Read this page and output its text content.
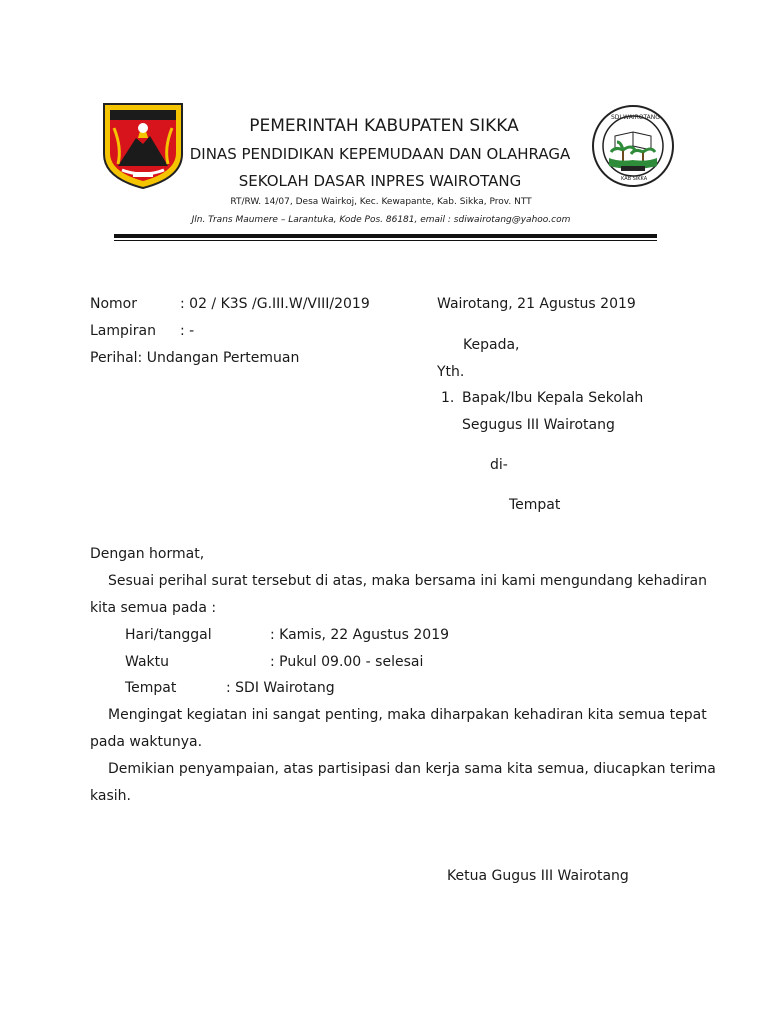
SDI WAIROTANG
KAB SIKKA
PEMERINTAH KABUPATEN SIKKA
DINAS PENDIDIKAN KEPEMUDAAN DAN OLAHRAGA
SEKOLAH DASAR INPRES WAIROTANG
RT/RW. 14/07, Desa Wairkoj, Kec. Kewapante, Kab. Sikka, Prov. NTT
Jln. Trans Maumere – Larantuka, Kode Pos. 86181, email : sdiwairotang@yahoo.com
Nomor	: 02 / K3S /G.III.W/VIII/2019
Lampiran : -
Perihal: Undangan Pertemuan
Wairotang, 21 Agustus 2019
Kepada,
Yth.
1. Bapak/Ibu Kepala Sekolah
Segugus III Wairotang
di-
Tempat
Dengan hormat,
Sesuai perihal surat tersebut di atas, maka bersama ini kami mengundang kehadiran
kita semua pada :
Hari/tanggal	: Kamis, 22 Agustus 2019
Waktu	: Pukul 09.00 - selesai
Tempat	: SDI Wairotang
Mengingat kegiatan ini sangat penting, maka diharpakan kehadiran kita semua tepat
pada waktunya.
Demikian penyampaian, atas partisipasi dan kerja sama kita semua, diucapkan terima
kasih.
Ketua Gugus III Wairotang
